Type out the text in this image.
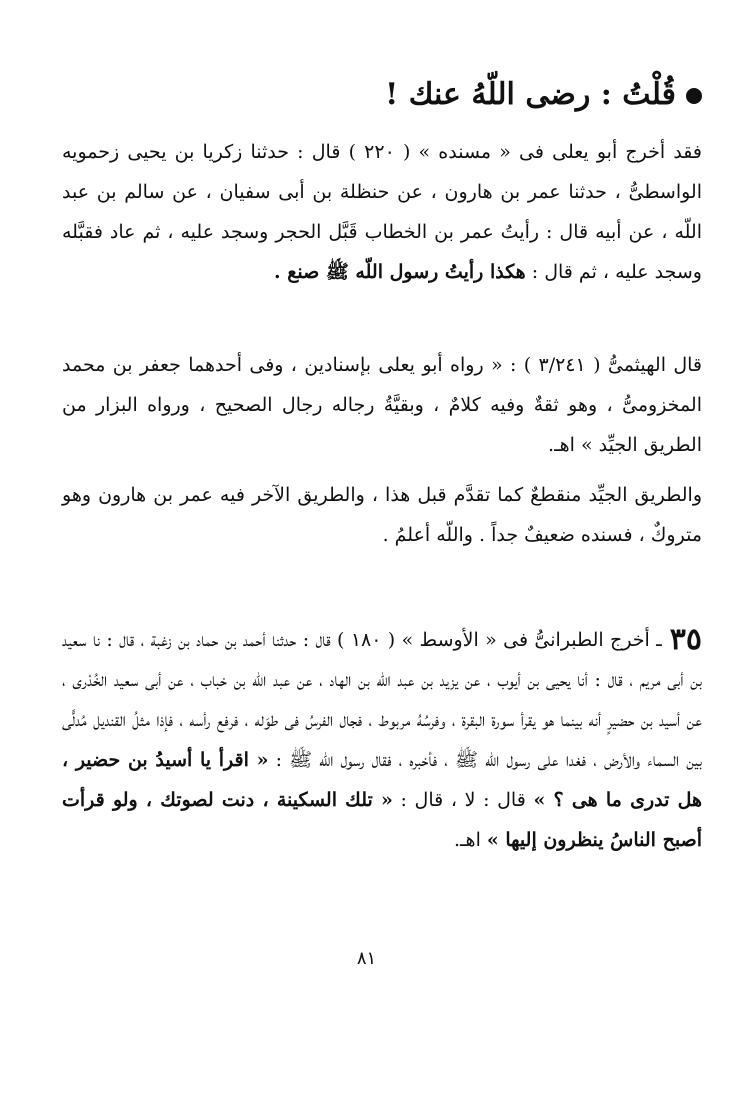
قُلْتُ : رضى اللّهُ عنك !

فقد أخرج أبو يعلى فى « مسنده » ( ٢٢٠ ) قال : حدثنا زكريا بن يحيى زحمويه الواسطىُّ ، حدثنا عمر بن هارون ، عن حنظلة بن أبى سفيان ، عن سالم بن عبد اللّه ، عن أبيه قال : رأيتُ عمر بن الخطاب قَبَّل الحجر وسجد عليه ، ثم عاد فقبَّله وسجد عليه ، ثم قال : هكذا رأيتُ رسول اللّه ﷺ صنع .

قال الهيثمىُّ ( ٣/٢٤١ ) : « رواه أبو يعلى بإسنادين ، وفى أحدهما جعفر بن محمد المخزومىُّ ، وهو ثقةٌ وفيه كلامٌ ، وبقيَّةُ رجاله رجال الصحيح ، ورواه البزار من الطريق الجيِّد » اهـ.

والطريق الجيِّد منقطعٌ كما تقدَّم قبل هذا ، والطريق الآخر فيه عمر بن هارون وهو متروكٌ ، فسنده ضعيفٌ جداً . واللّه أعلمُ .

٣٥ـ أخرج الطبرانىُّ فى « الأوسط » ( ١٨٠ ) قال : حدثنا أحمد بن حماد بن زغبة ، قال : نا سعيد بن أبى مريم ، قال : أنا يحيى بن أيوب ، عن يزيد بن عبد اللّه بن الهاد ، عن عبد اللّه بن خباب ، عن أبى سعيد الخُدْرى ، عن أسيد بن حضيرٍ أنه بينما هو يقرأ سورة البقرة ، وفرسُهُ مربوط ، فجال الفرسُ فى طوَله ، فرفع رأسه ، فإذا مثلُ القنديل مُدلًّى بين السماء والأرض ، فغدا على رسول اللّه ﷺ ، فأخبره ، فقال رسول اللّه ﷺ : « اقرأ يا أسيدُ بن حضير ، هل تدرى ما هى ؟ » قال : لا ، قال : « تلك السكينة ، دنت لصوتك ، ولو قرأت أصبح الناسُ ينظرون إليها » اهـ.

٨١
